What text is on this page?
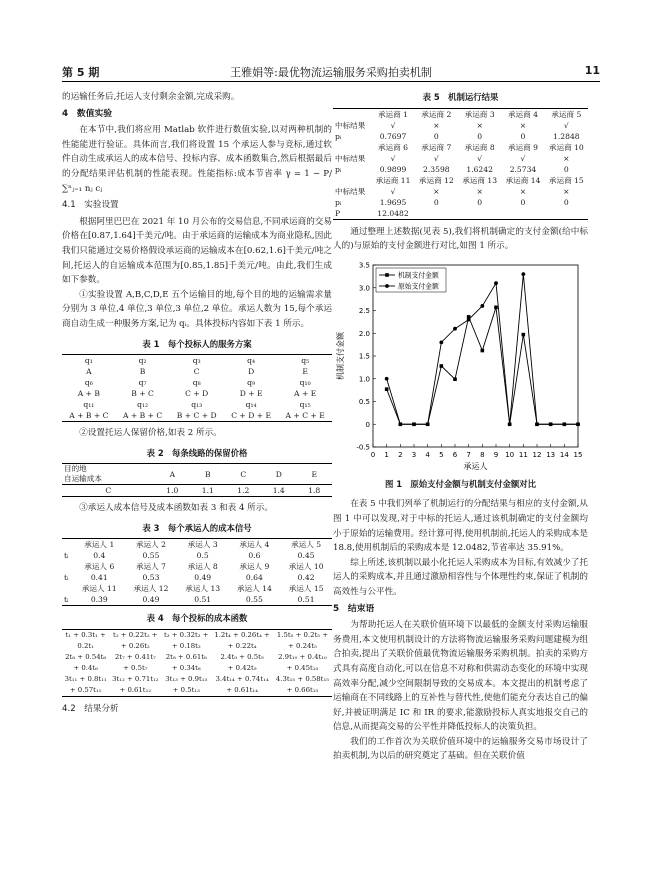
第 5 期	王雅娟等:最优物流运输服务采购拍卖机制	11

的运输任务后,托运人支付剩余金额,完成采购。

4　数值实验

在本节中,我们将应用 Matlab 软件进行数值实验,以对两种机制的性能能进行验证。具体而言,我们将设置 15 个承运人参与竞标,通过软件自动生成承运人的成本信号、投标内容、成本函数集合,然后根据最后的分配结果评估机制的性能表现。性能指标:成本节省率 γ = 1 − P/ ∑ⁿⱼ₌₁ nⱼ cⱼ

4.1　实验设置

根据阿里巴巴在 2021 年 10 月公布的交易信息,不同承运商的交易价格在[0.87,1.64]千美元/吨。由于承运商的运输成本为商业隐私,因此我们只能通过交易价格假设承运商的运输成本在[0.62,1.6]千美元/吨之间,托运人的自运输成本范围为[0.85,1.85]千美元/吨。由此,我们生成如下参数。

①实验设置 A,B,C,D,E 五个运输目的地,每个目的地的运输需求量分别为 3 单位,4 单位,3 单位,3 单位,2 单位。承运人数为 15,每个承运商自动生成一种服务方案,记为 qᵢ。具体投标内容如下表 1 所示。

表 1　每个投标人的服务方案
q₁	q₂	q₃	q₄	q₅
A	B	C	D	E
q₆	q₇	q₈	q₉	q₁₀
A + B	B + C	C + D	D + E	A + E
q₁₁	q₁₂	q₁₃	q₁₄	q₁₅
A + B + C	A + B + C	B + C + D	C + D + E	A + C + E

②设置托运人保留价格,如表 2 所示。

表 2　每条线路的保留价格
目的地
自运输成本	A	B	C	D	E
C	1.0	1.1	1.2	1.4	1.8

③承运人成本信号及成本函数如表 3 和表 4 所示。

表 3　每个承运人的成本信号
	承运人 1	承运人 2	承运人 3	承运人 4	承运人 5
tᵢ	0.4	0.55	0.5	0.6	0.45
	承运人 6	承运人 7	承运人 8	承运人 9	承运人 10
tᵢ	0.41	0.53	0.49	0.64	0.42
	承运人 11	承运人 12	承运人 13	承运人 14	承运人 15
tᵢ	0.39	0.49	0.51	0.55	0.51
表 4　每个投标的成本函数
t₁ + 0.3t₁ +	t₂ + 0.22t₂ +	t₃ + 0.32t₃ +	1.2t₄ + 0.26t₄ +	1.5t₅ + 0.2t₅ +
0.2t₁	+ 0.26t₂	+ 0.18t₃	+ 0.22t₄	+ 0.24t₅
2t₆ + 0.54t₆	2t₇ + 0.41t₇	2t₈ + 0.61t₈	2.4t₉ + 0.5t₉	2.9t₁₀ + 0.4t₁₀
+ 0.4t₆	+ 0.5t₇	+ 0.34t₈	+ 0.42t₉	+ 0.45t₁₀
3t₁₁ + 0.8t₁₁	3t₁₂ + 0.71t₁₂	3t₁₃ + 0.9t₁₃	3.4t₁₄ + 0.74t₁₄	4.3t₁₅ + 0.58t₁₅
+ 0.57t₁₁	+ 0.61t₁₂	+ 0.5t₁₃	+ 0.61t₁₄	+ 0.66t₁₅
4.2　结果分析
表 5　机制运行结果
	承运商 1	承运商 2	承运商 3	承运商 4	承运商 5
中标结果	√	×	×	×	√
pᵢ	0.7697	0	0	0	1.2848
	承运商 6	承运商 7	承运商 8	承运商 9	承运商 10
中标结果	√	√	√	√	×
pᵢ	0.9899	2.3598	1.6242	2.5734	0
	承运商 11	承运商 12	承运商 13	承运商 14	承运商 15
中标结果	√	×	×	×	×
pᵢ	1.9695	0	0	0	0
P	12.0482				

通过整理上述数据(见表 5),我们将机制确定的支付金额(给中标人的)与原始的支付金额进行对比,如图 1 所示。

0 1 2 3 4 5 6 7 8 9 10 11 12 13 14 15
-0.5
0
0.5
1.0
1.5
2.0
2.5
3.0
3.5
承运人
机制支付金额
机制支付金额
原始支付金额
图 1　原始支付金额与机制支付金额对比

在表 5 中我们列举了机制运行的分配结果与相应的支付金额,从图 1 中可以发现,对于中标的托运人,通过该机制确定的支付金额均小于原始的运输费用。经计算可得,使用机制前,托运人的采购成本是 18.8,使用机制后的采购成本是 12.0482,节省率达 35.91%。

综上所述,该机制以最小化托运人采购成本为目标,有效减少了托运人的采购成本,并且通过激励相容性与个体理性约束,保证了机制的高效性与公平性。

5　结束语

为帮助托运人在关联价值环境下以最低的金额支付采购运输服务费用,本文使用机制设计的方法将物流运输服务采购问题建模为组合拍卖,提出了关联价值最优物流运输服务采购机制。拍卖的采购方式具有高度自动化,可以在信息不对称和供需动态变化的环境中实现高效率分配,减少空间限制导致的交易成本。本文提出的机制考虑了运输商在不同线路上的互补性与替代性,使他们能充分表达自己的偏好,并被证明满足 IC 和 IR 的要求,能激励投标人真实地报交自己的信息,从而提高交易的公平性并降低投标人的决策负担。

我们的工作首次为关联价值环境中的运输服务交易市场设计了拍卖机制,为以后的研究奠定了基础。但在关联价值
